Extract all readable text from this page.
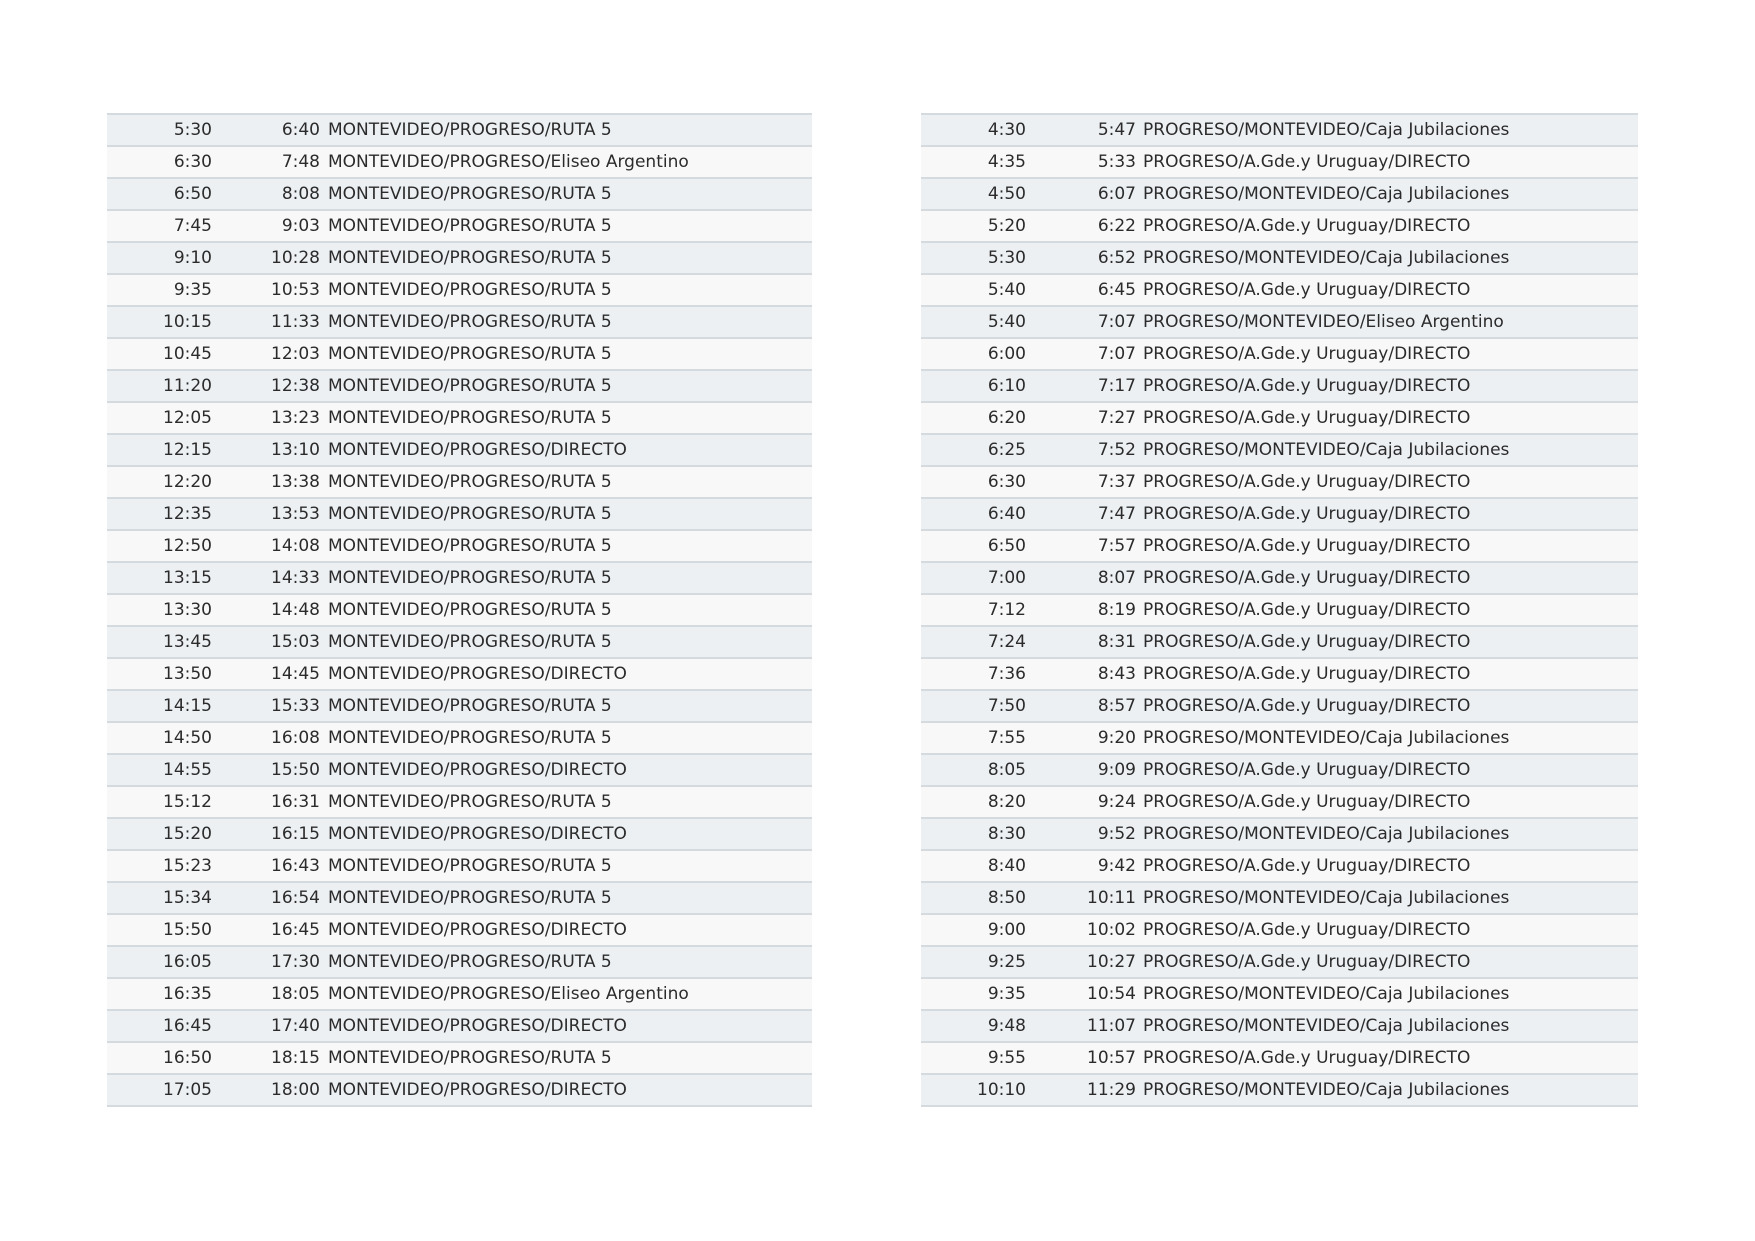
5:30	6:40 MONTEVIDEO/PROGRESO/RUTA 5
6:30	7:48 MONTEVIDEO/PROGRESO/Eliseo Argentino
6:50	8:08 MONTEVIDEO/PROGRESO/RUTA 5
7:45	9:03 MONTEVIDEO/PROGRESO/RUTA 5
9:10	10:28 MONTEVIDEO/PROGRESO/RUTA 5
9:35	10:53 MONTEVIDEO/PROGRESO/RUTA 5
10:15	11:33 MONTEVIDEO/PROGRESO/RUTA 5
10:45	12:03 MONTEVIDEO/PROGRESO/RUTA 5
11:20	12:38 MONTEVIDEO/PROGRESO/RUTA 5
12:05	13:23 MONTEVIDEO/PROGRESO/RUTA 5
12:15	13:10 MONTEVIDEO/PROGRESO/DIRECTO
12:20	13:38 MONTEVIDEO/PROGRESO/RUTA 5
12:35	13:53 MONTEVIDEO/PROGRESO/RUTA 5
12:50	14:08 MONTEVIDEO/PROGRESO/RUTA 5
13:15	14:33 MONTEVIDEO/PROGRESO/RUTA 5
13:30	14:48 MONTEVIDEO/PROGRESO/RUTA 5
13:45	15:03 MONTEVIDEO/PROGRESO/RUTA 5
13:50	14:45 MONTEVIDEO/PROGRESO/DIRECTO
14:15	15:33 MONTEVIDEO/PROGRESO/RUTA 5
14:50	16:08 MONTEVIDEO/PROGRESO/RUTA 5
14:55	15:50 MONTEVIDEO/PROGRESO/DIRECTO
15:12	16:31 MONTEVIDEO/PROGRESO/RUTA 5
15:20	16:15 MONTEVIDEO/PROGRESO/DIRECTO
15:23	16:43 MONTEVIDEO/PROGRESO/RUTA 5
15:34	16:54 MONTEVIDEO/PROGRESO/RUTA 5
15:50	16:45 MONTEVIDEO/PROGRESO/DIRECTO
16:05	17:30 MONTEVIDEO/PROGRESO/RUTA 5
16:35	18:05 MONTEVIDEO/PROGRESO/Eliseo Argentino
16:45	17:40 MONTEVIDEO/PROGRESO/DIRECTO
16:50	18:15 MONTEVIDEO/PROGRESO/RUTA 5
17:05	18:00 MONTEVIDEO/PROGRESO/DIRECTO
4:30	5:47 PROGRESO/MONTEVIDEO/Caja Jubilaciones
4:35	5:33 PROGRESO/A.Gde.y Uruguay/DIRECTO
4:50	6:07 PROGRESO/MONTEVIDEO/Caja Jubilaciones
5:20	6:22 PROGRESO/A.Gde.y Uruguay/DIRECTO
5:30	6:52 PROGRESO/MONTEVIDEO/Caja Jubilaciones
5:40	6:45 PROGRESO/A.Gde.y Uruguay/DIRECTO
5:40	7:07 PROGRESO/MONTEVIDEO/Eliseo Argentino
6:00	7:07 PROGRESO/A.Gde.y Uruguay/DIRECTO
6:10	7:17 PROGRESO/A.Gde.y Uruguay/DIRECTO
6:20	7:27 PROGRESO/A.Gde.y Uruguay/DIRECTO
6:25	7:52 PROGRESO/MONTEVIDEO/Caja Jubilaciones
6:30	7:37 PROGRESO/A.Gde.y Uruguay/DIRECTO
6:40	7:47 PROGRESO/A.Gde.y Uruguay/DIRECTO
6:50	7:57 PROGRESO/A.Gde.y Uruguay/DIRECTO
7:00	8:07 PROGRESO/A.Gde.y Uruguay/DIRECTO
7:12	8:19 PROGRESO/A.Gde.y Uruguay/DIRECTO
7:24	8:31 PROGRESO/A.Gde.y Uruguay/DIRECTO
7:36	8:43 PROGRESO/A.Gde.y Uruguay/DIRECTO
7:50	8:57 PROGRESO/A.Gde.y Uruguay/DIRECTO
7:55	9:20 PROGRESO/MONTEVIDEO/Caja Jubilaciones
8:05	9:09 PROGRESO/A.Gde.y Uruguay/DIRECTO
8:20	9:24 PROGRESO/A.Gde.y Uruguay/DIRECTO
8:30	9:52 PROGRESO/MONTEVIDEO/Caja Jubilaciones
8:40	9:42 PROGRESO/A.Gde.y Uruguay/DIRECTO
8:50	10:11 PROGRESO/MONTEVIDEO/Caja Jubilaciones
9:00	10:02 PROGRESO/A.Gde.y Uruguay/DIRECTO
9:25	10:27 PROGRESO/A.Gde.y Uruguay/DIRECTO
9:35	10:54 PROGRESO/MONTEVIDEO/Caja Jubilaciones
9:48	11:07 PROGRESO/MONTEVIDEO/Caja Jubilaciones
9:55	10:57 PROGRESO/A.Gde.y Uruguay/DIRECTO
10:10	11:29 PROGRESO/MONTEVIDEO/Caja Jubilaciones
